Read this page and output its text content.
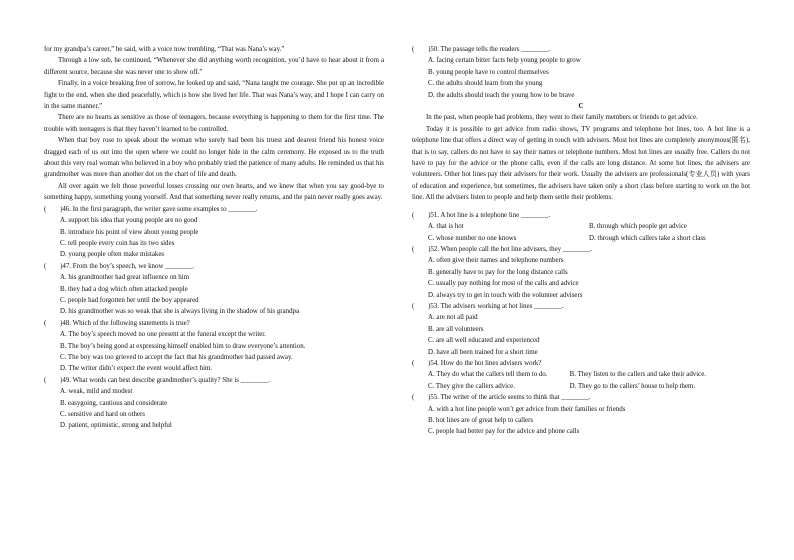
for my grandpa’s career,” he said, with a voice now trembling, “That was Nana’s way.”

Through a low sob, he continued, “Whenever she did anything worth recognition, you’d have to hear about it from a different source, because she was never one to show off.”

Finally, in a voice breaking free of sorrow, he looked up and said, “Nana taught me courage. She put up an incredible fight to the end, when she died peacefully, which is how she lived her life. That was Nana’s way, and I hope I can carry on in the same manner.”

There are no hearts as sensitive as those of teenagers, because everything is happening to them for the first time. The trouble with teenagers is that they haven’t learned to be controlled.

When that boy rose to speak about the woman who surely had been his truest and dearest friend his honest voice dragged each of us out into the open where we could no longer hide in the calm ceremony. He exposed us to the truth about this very real woman who believed in a boy who probably tried the patience of many adults. He reminded us that his grandmother was more than another dot on the chart of life and death.

All over again we felt those powerful losses crossing our own hearts, and we knew that when you say good-bye to something happy, something young yourself. And that something never really returns, and the pain never really goes away.

(　　)46. In the first paragraph, the writer gave some examples to ________.

A. support his idea that young people are no good

B. introduce his point of view about young people

C. tell people every coin has its two sides

D. young people often make mistakes

(　　)47. From the boy’s speech, we know ________.

A. his grandmother had great influence on him

B. they had a dog which often attacked people

C. people had forgotten her until the boy appeared

D. his grandmother was so weak that she is always living in the shadow of his grandpa

(　　)48. Which of the following statements is true?

A. The boy’s speech moved no one present at the funeral except the writer.

B. The boy’s being good at expressing himself enabled him to draw everyone’s attention.

C. The boy was too grieved to accept the fact that his grandmother had passed away.

D. The writer didn’t expect the event would affect him.

(　　)49. What words can best describe grandmother’s quality? She is ________.

A. weak, mild and modest

B. easygoing, cautious and considerate

C. sensitive and hard on others

D. patient, optimistic, strong and helpful

(　　)50. The passage tells the readers ________.

A. facing certain bitter facts help young people to grow

B. young people have to control themselves

C. the adults should learn from the young

D. the adults should teach the young how to be brave

C

In the past, when people had problems, they went to their family members or friends to get advice.

Today it is possible to get advice from radio shows, TV programs and telephone hot lines, too. A hot line is a telephone line that offers a direct way of getting in touch with advisers. Most hot lines are completely anonymous(匿名), that is to say, callers do not have to say their names or telephone numbers. Most hot lines are usually free. Callers do not have to pay for the advice or the phone calls, even if the calls are long distance. At some hot lines, the advisers are volunteers. Other hot lines pay their advisers for their work. Usually the advisers are professionals(专业人员) with years of education and experience, but sometimes, the advisers have taken only a short class before starting to work on the hot line. All the advisers listen to people and help them settle their problems.

(　　)51. A hot line is a telephone line ________.

A. that is hot	B. through which people get advice
C. whose number no one knows	D. through which callers take a short class

(　　)52. When people call the hot line advisers, they ________.

A. often give their names and telephone numbers

B. generally have to pay for the long distance calls

C. usually pay nothing for most of the calls and advice

D. always try to get in touch with the volunteer advisers

(　　)53. The advisers working at hot lines ________.

A. are not all paid

B. are all volunteers

C. are all well educated and experienced

D. have all been trained for a short time

(　　)54. How do the hot lines advisers work?

A. They do what the callers tell them to do.	B. They listen to the callers and take their advice.
C. They give the callers advice.	D. They go to the callers’ house to help them.

(　　)55. The writer of the article seems to think that ________.

A. with a hot line people won’t get advice from their families or friends

B. hot lines are of great help to callers

C. people had better pay for the advice and phone calls
